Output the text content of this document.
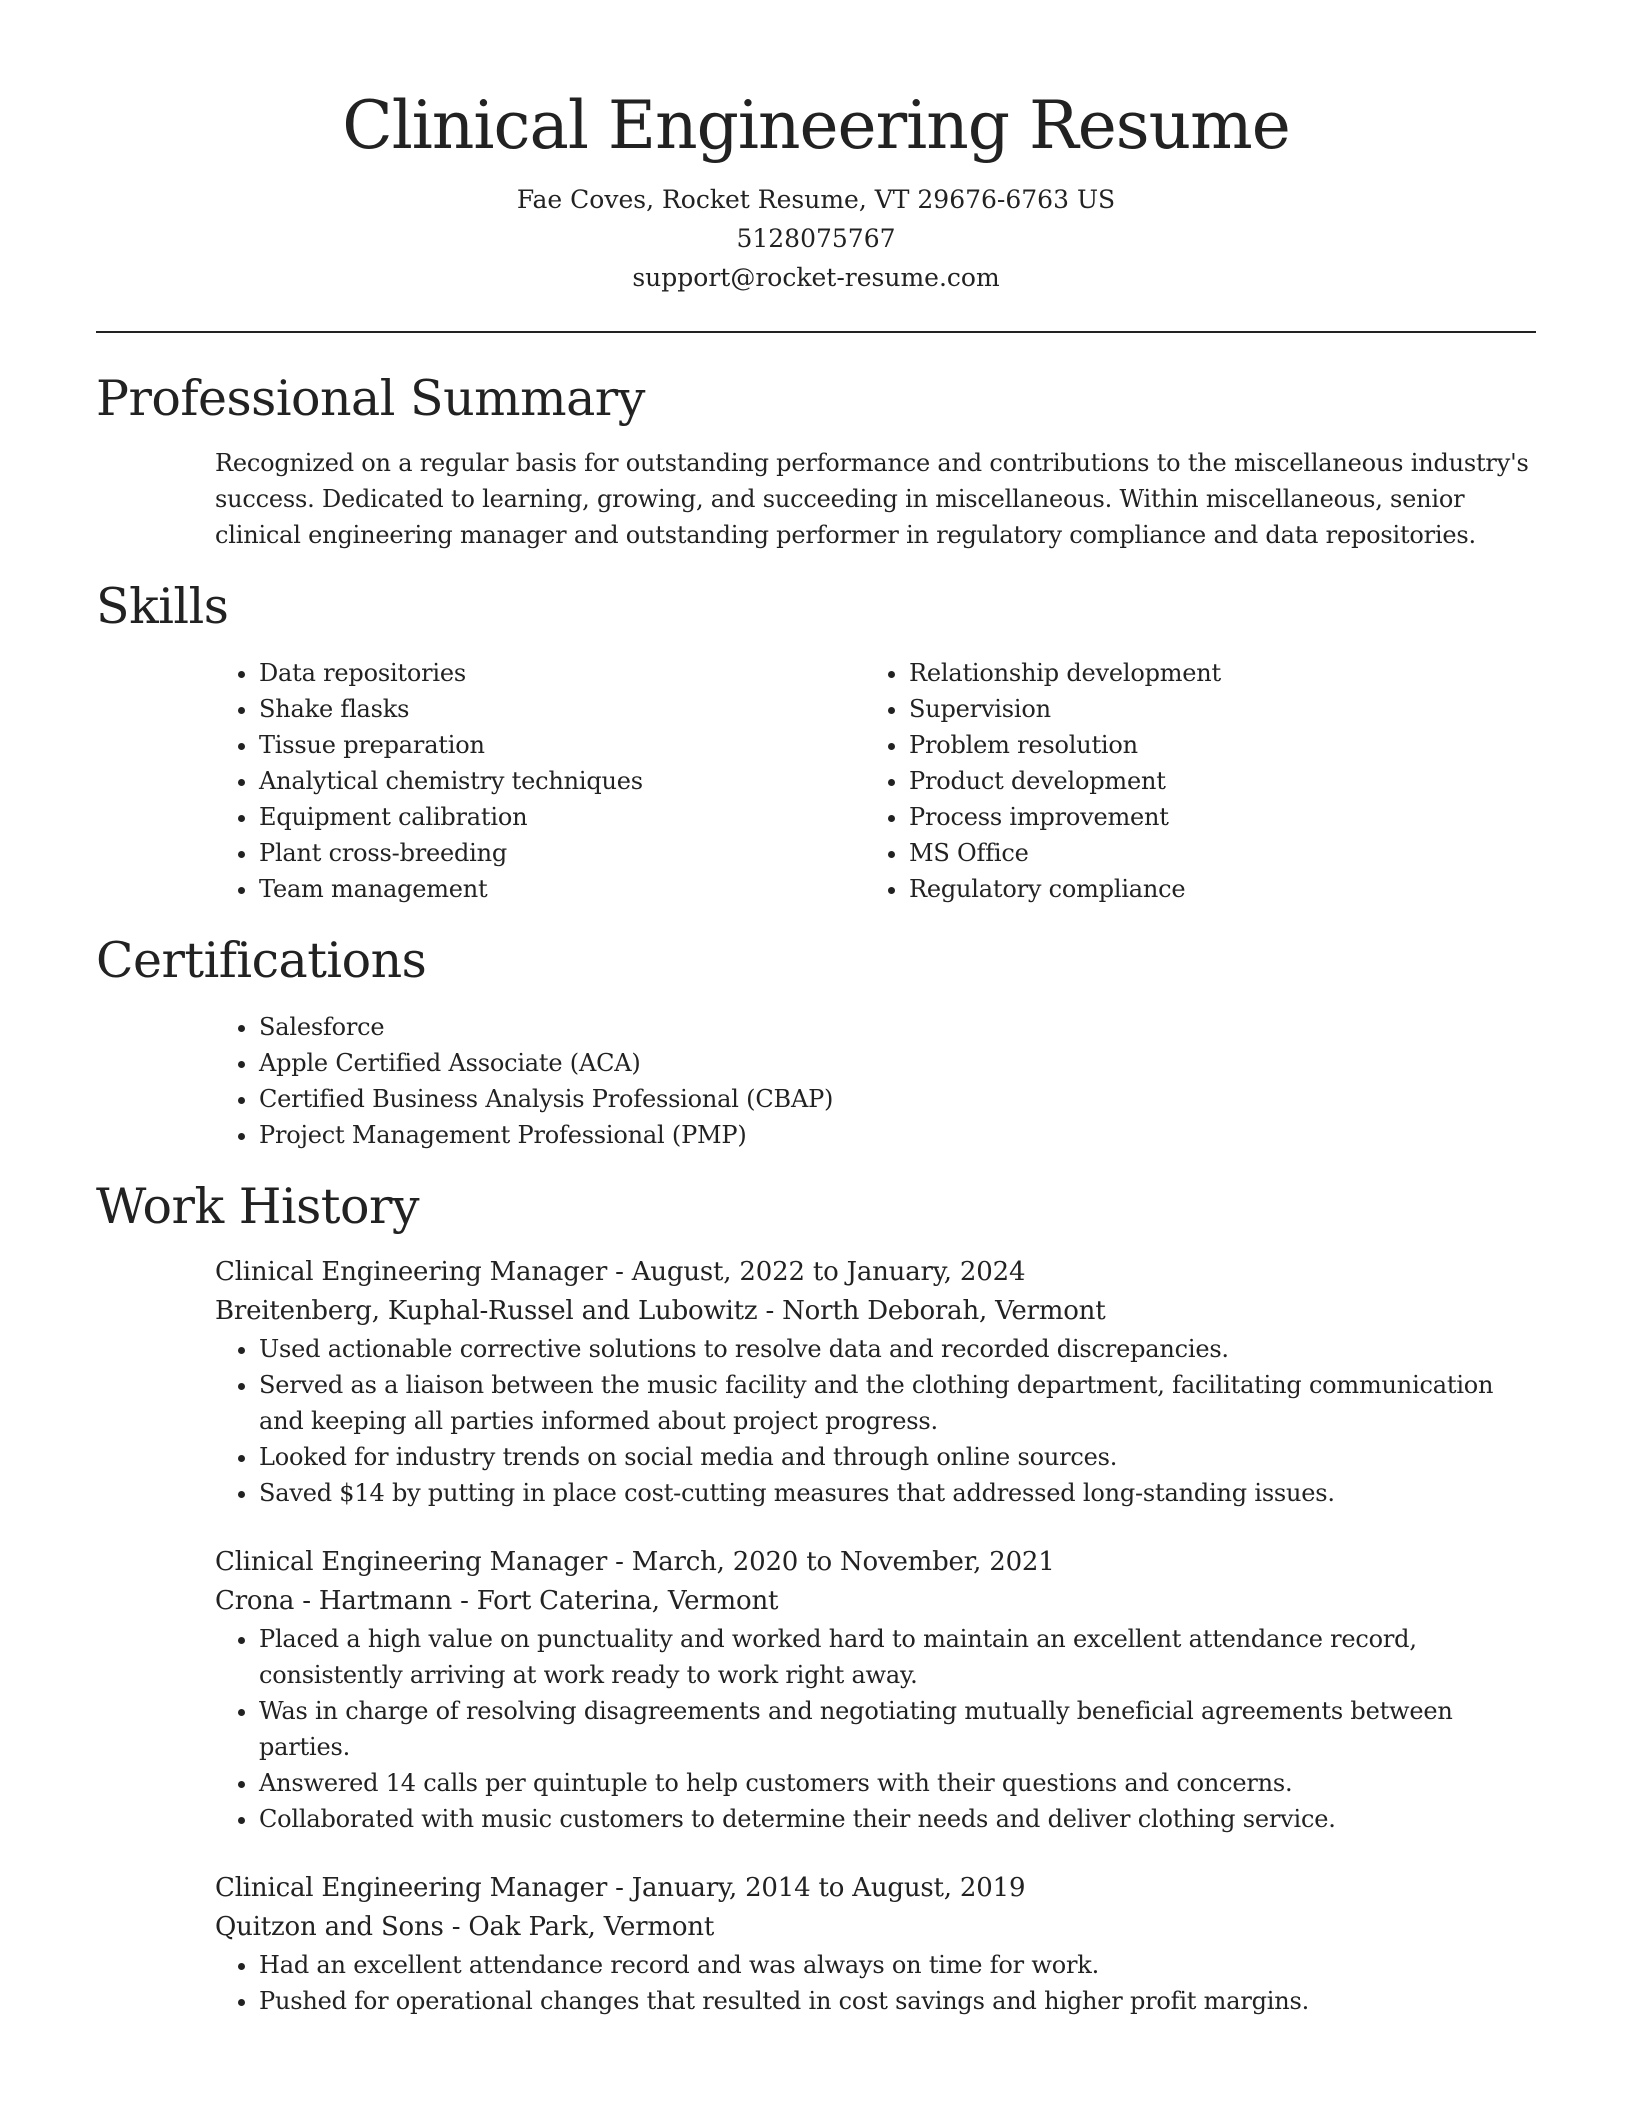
Clinical Engineering Resume

Fae Coves, Rocket Resume, VT 29676-6763 US

5128075767

support@rocket-resume.com

Professional Summary

Recognized on a regular basis for outstanding performance and contributions to the miscellaneous industry's success. Dedicated to learning, growing, and succeeding in miscellaneous. Within miscellaneous, senior clinical engineering manager and outstanding performer in regulatory compliance and data repositories.

Skills
• Data repositories
• Shake flasks
• Tissue preparation
• Analytical chemistry techniques
• Equipment calibration
• Plant cross-breeding
• Team management
• Relationship development
• Supervision
• Problem resolution
• Product development
• Process improvement
• MS Office
• Regulatory compliance
Certifications
• Salesforce
• Apple Certified Associate (ACA)
• Certified Business Analysis Professional (CBAP)
• Project Management Professional (PMP)
Work History

Clinical Engineering Manager - August, 2022 to January, 2024

Breitenberg, Kuphal-Russel and Lubowitz - North Deborah, Vermont

• Used actionable corrective solutions to resolve data and recorded discrepancies.
• Served as a liaison between the music facility and the clothing department, facilitating communication and keeping all parties informed about project progress.
• Looked for industry trends on social media and through online sources.
• Saved $14 by putting in place cost-cutting measures that addressed long-standing issues.

Clinical Engineering Manager - March, 2020 to November, 2021

Crona - Hartmann - Fort Caterina, Vermont

• Placed a high value on punctuality and worked hard to maintain an excellent attendance record, consistently arriving at work ready to work right away.
• Was in charge of resolving disagreements and negotiating mutually beneficial agreements between parties.
• Answered 14 calls per quintuple to help customers with their questions and concerns.
• Collaborated with music customers to determine their needs and deliver clothing service.

Clinical Engineering Manager - January, 2014 to August, 2019

Quitzon and Sons - Oak Park, Vermont

• Had an excellent attendance record and was always on time for work.
• Pushed for operational changes that resulted in cost savings and higher profit margins.
